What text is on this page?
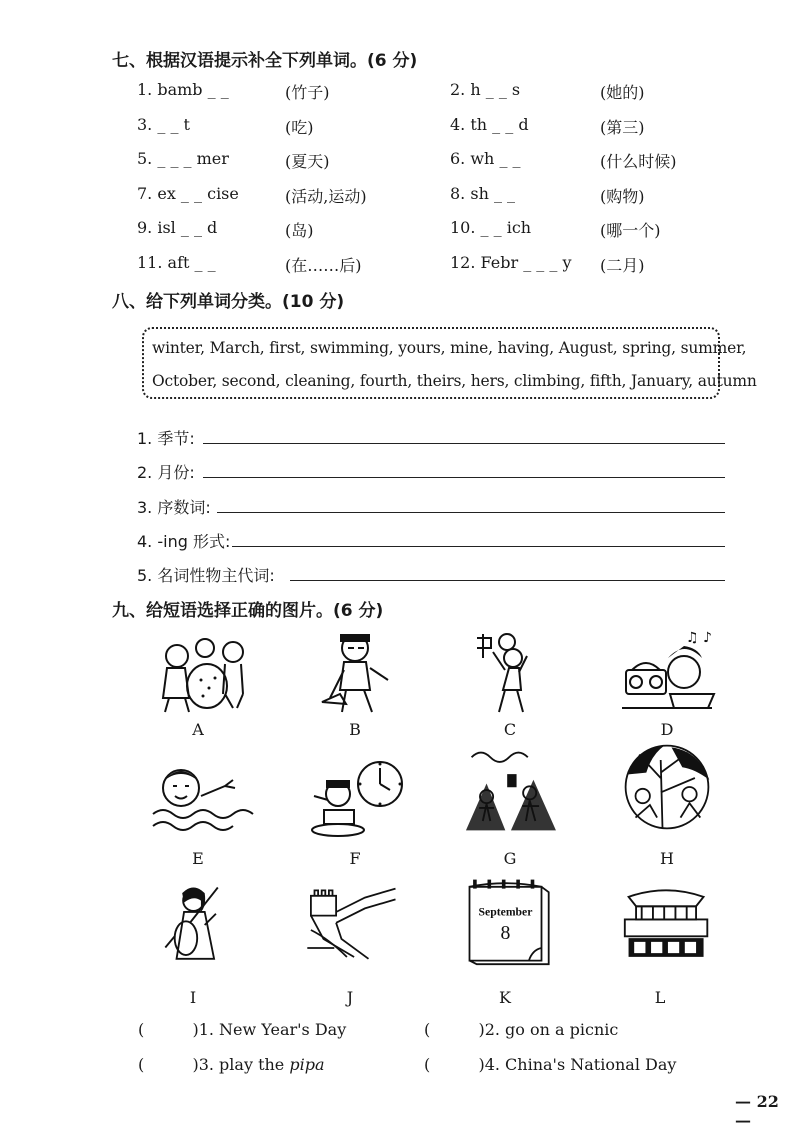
七、根据汉语提示补全下列单词。(6 分)
1. bamb _ _	(竹子)	2. h _ _ s	(她的)
3. _ _ t	(吃)	4. th _ _ d	(第三)
5. _ _ _ mer	(夏天)	6. wh _ _	(什么时候)
7. ex _ _ cise	(活动,运动)	8. sh _ _	(购物)
9. isl _ _ d	(岛)	10. _ _ ich	(哪一个)
11. aft _ _	(在……后)	12. Febr _ _ _ y (二月)
八、给下列单词分类。(10 分)
winter, March, first, swimming, yours, mine, having, August, spring, summer,
October, second, cleaning, fourth, theirs, hers, climbing, fifth, January, autumn
1. 季节:
2. 月份:
3. 序数词:
4. -ing 形式:
5. 名词性物主代词:
九、给短语选择正确的图片。(6 分)
♫ ♪
A	B	C	D
E	F	G	H
September
8
I	J	K	L
(	)1. New Year's Day	(	)2. go on a picnic
(	)3. play the pipa	(	)4. China's National Day
— 22 —
